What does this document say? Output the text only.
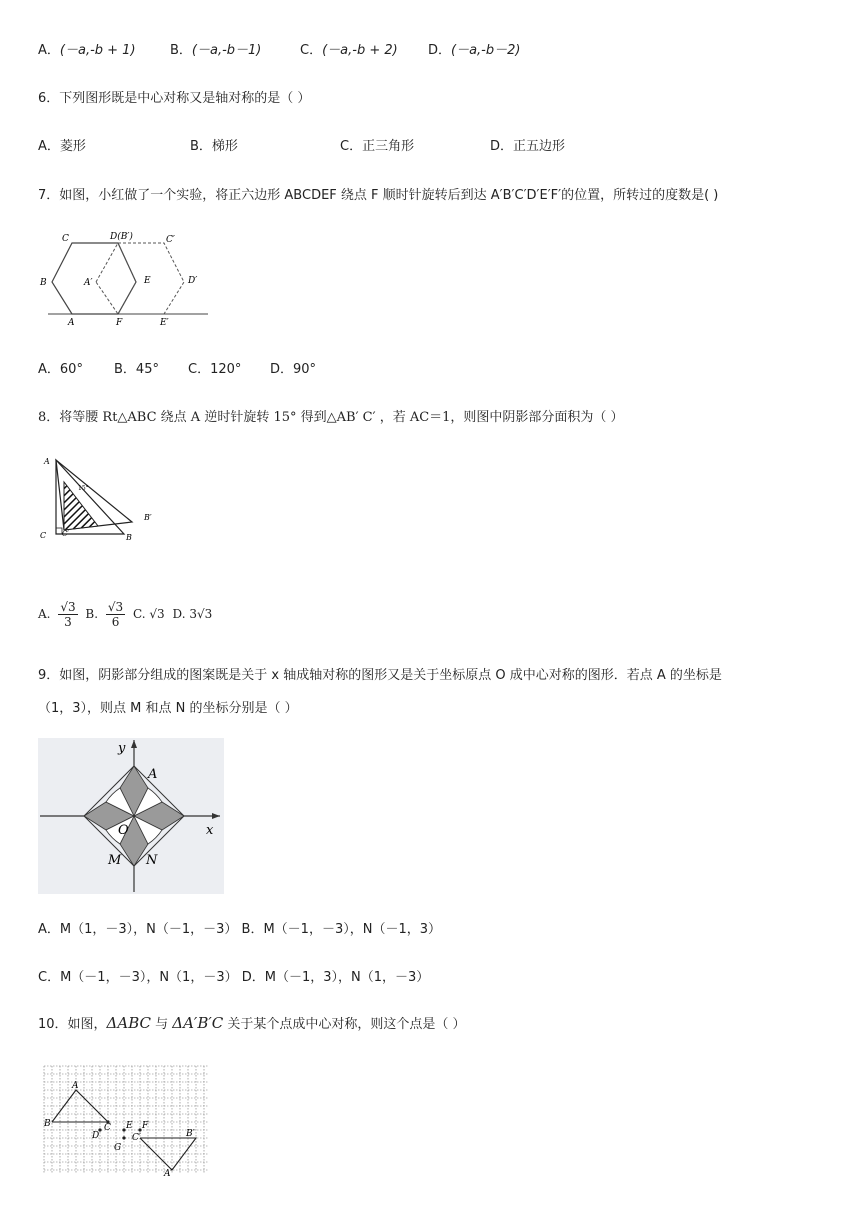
A．(－a,-b + 1)	B．(－a,-b－1)	C．(－a,-b + 2) D．(－a,-b－2)
6．下列图形既是中心对称又是轴对称的是（ ）
A．菱形	B．梯形	C．正三角形	D．正五边形
7．如图，小红做了一个实验，将正六边形 ABCDEF 绕点 F 顺时针旋转后到达 A′B′C′D′E′F′的位置，所转过的度数是( )
C	D(B′)	C′
B	A′	E	D′
A	F	E′
A．60° B．45° C．120° D．90°
8．将等腰 Rt△ABC 绕点 A 逆时针旋转 15° 得到△AB′ C′ ，若 AC＝1，则图中阴影部分面积为（ ）
A
15°
C C′	B
B′
A. $\frac{√3}{3} B$. $\frac{√3}{6} C$. √3 D. 3√3
9．如图，阴影部分组成的图案既是关于 x 轴成轴对称的图形又是关于坐标原点 O 成中心对称的图形．若点 A 的坐标是
（1，3），则点 M 和点 N 的坐标分别是（ ）
y
x
A
O
M N
A．M（1，－3），N（－1，－3） B．M（－1，－3），N（－1，3）
C．M（－1，－3），N（1，－3） D．M（－1，3），N（1，－3）
10．如图，ΔABC 与 ΔA′B′C 关于某个点成中心对称，则这个点是（ ）
A
B
D
C E F
C′
G
B′
A′
